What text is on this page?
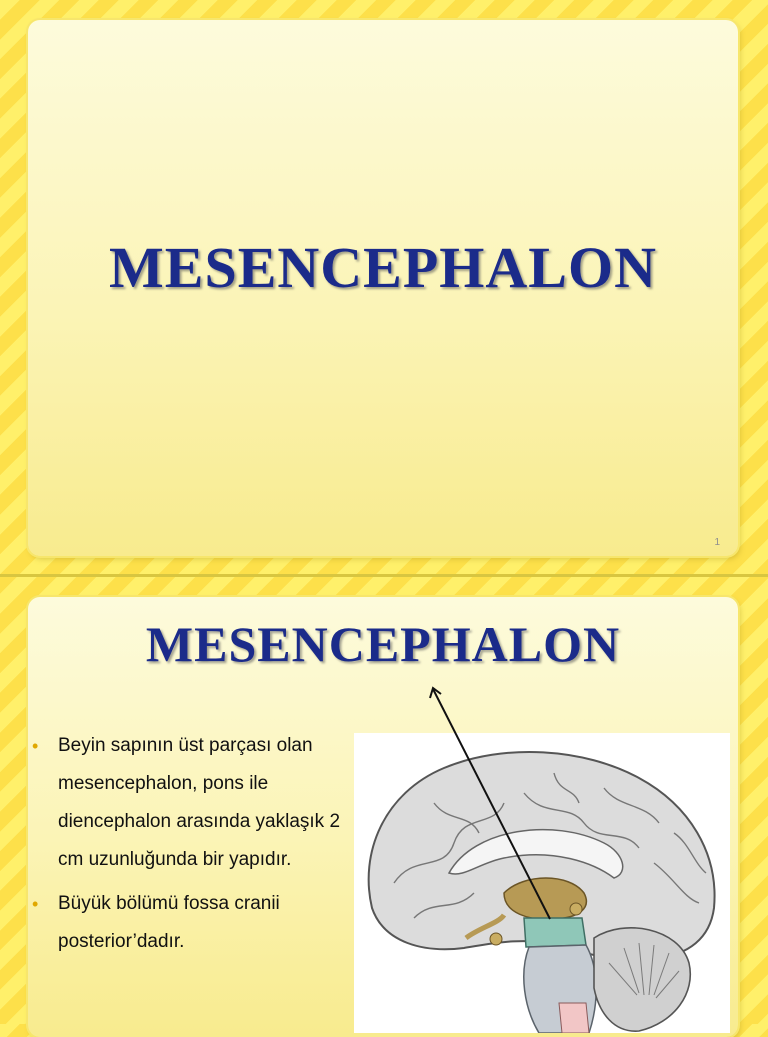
MESENCEPHALON
1
MESENCEPHALON
• Beyin sapının üst parçası olan mesencephalon, pons ile diencephalon arasında yaklaşık 2 cm uzunluğunda bir yapıdır.
• Büyük bölümü fossa cranii posterior’dadır.
